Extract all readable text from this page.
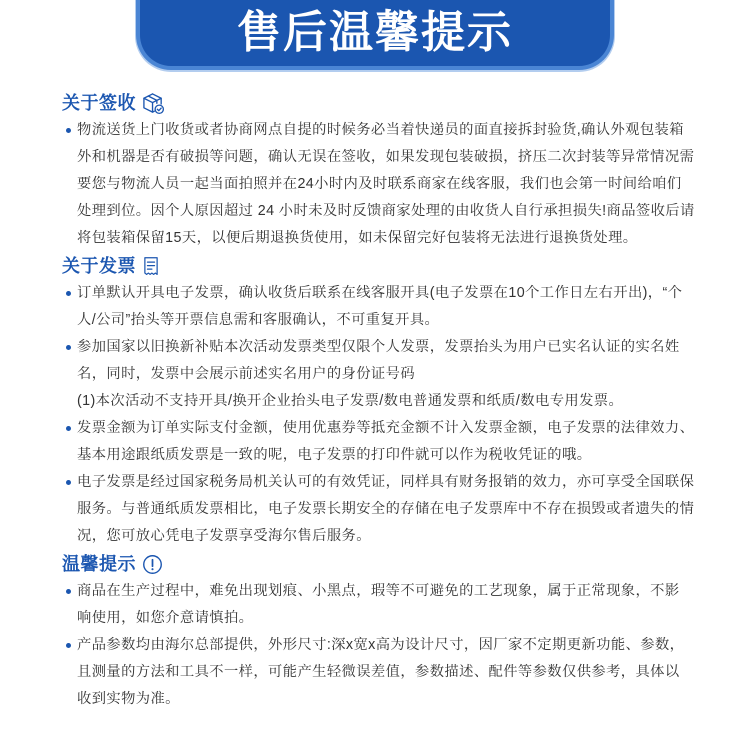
售后温馨提示
关于签收
物流送货上门收货或者协商网点自提的时候务必当着快递员的面直接拆封验货,确认外观包装箱
外和机器是否有破损等问题，确认无误在签收，如果发现包装破损，挤压二次封装等异常情况需
要您与物流人员一起当面拍照并在24小时内及时联系商家在线客服，我们也会第一时间给咱们
处理到位。因个人原因超过 24 小时未及时反馈商家处理的由收货人自行承担损失!商品签收后请
将包装箱保留15天，以便后期退换货使用，如未保留完好包装将无法进行退换货处理。
关于发票
订单默认开具电子发票，确认收货后联系在线客服开具(电子发票在10个工作日左右开出)，“个
人/公司”抬头等开票信息需和客服确认，不可重复开具。
参加国家以旧换新补贴本次活动发票类型仅限个人发票，发票抬头为用户已实名认证的实名姓
名，同时，发票中会展示前述实名用户的身份证号码
(1)本次活动不支持开具/换开企业抬头电子发票/数电普通发票和纸质/数电专用发票。
发票金额为订单实际支付金额，使用优惠券等抵充金额不计入发票金额，电子发票的法律效力、
基本用途跟纸质发票是一致的呢，电子发票的打印件就可以作为税收凭证的哦。
电子发票是经过国家税务局机关认可的有效凭证，同样具有财务报销的效力，亦可享受全国联保
服务。与普通纸质发票相比，电子发票长期安全的存储在电子发票库中不存在损毁或者遗失的情
况，您可放心凭电子发票享受海尔售后服务。
温馨提示
商品在生产过程中，难免出现划痕、小黑点，瑕等不可避免的工艺现象，属于正常现象，不影
响使用，如您介意请慎拍。
产品参数均由海尔总部提供，外形尺寸:深x宽x高为设计尺寸，因厂家不定期更新功能、参数，
且测量的方法和工具不一样，可能产生轻微误差值，参数描述、配件等参数仅供参考，具体以
收到实物为准。
